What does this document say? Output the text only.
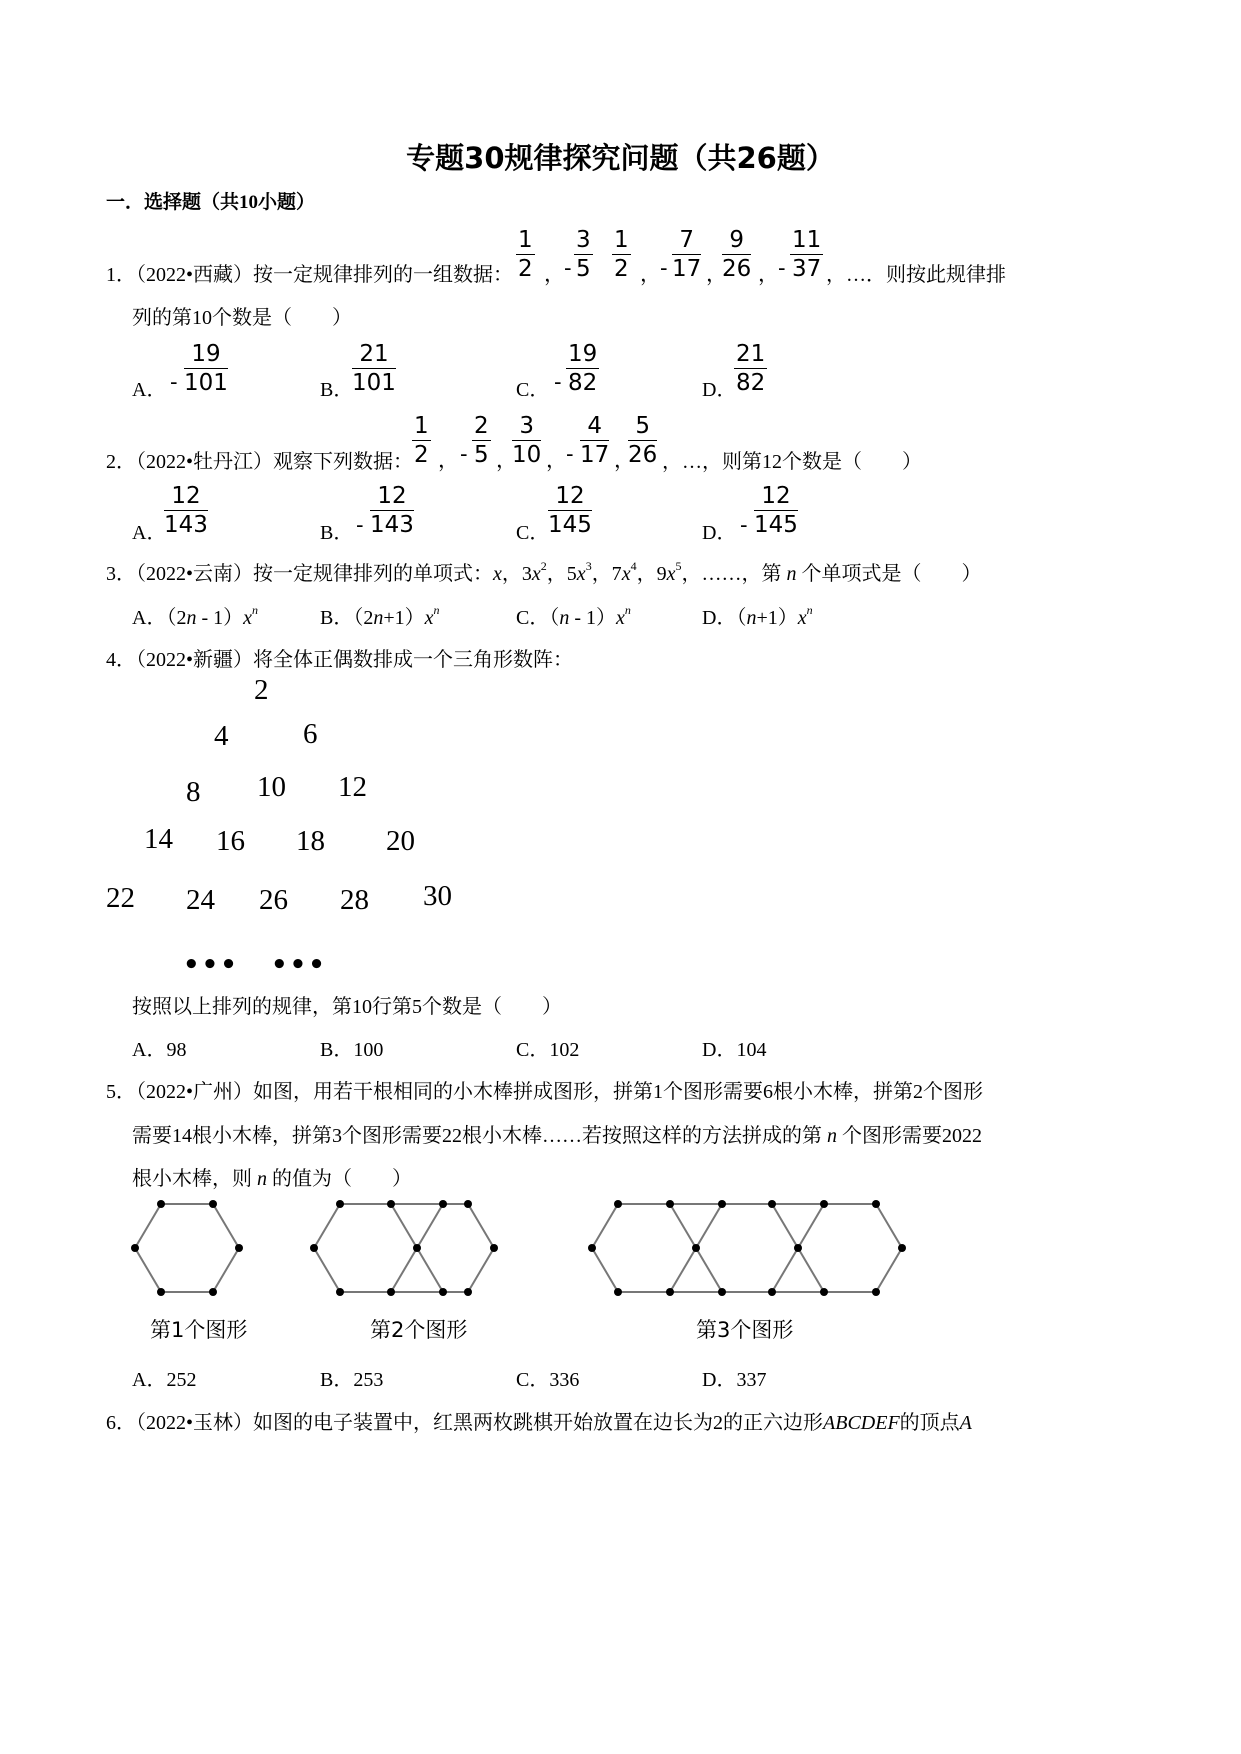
专题30规律探究问题（共26题）
一．选择题（共10小题）
1．（2022•西藏）按一定规律排列的一组数据： $\frac{1}{2}$ ， - $\frac{3}{5} \frac{1}{2}$ ， - $\frac{7}{17}$ ，
$\frac{9}{26}$ ， - $\frac{11}{37}$ ，…．则按此规律排
列的第10个数是（　　）
A． - $\frac{19}{101}$	B．
$\frac{21}{101}$	C． - $\frac{19}{82}$	D．
$\frac{21}{82}$
2．（2022•牡丹江）观察下列数据：
$\frac{1}{2}$ ， - $\frac{2}{5}$ ，
$\frac{3}{10}$ ， - $\frac{4}{17}$ ，
$\frac{5}{26}$ ，…，则第12个数是（　　）
A．
$\frac{12}{143}$	B． - $\frac{12}{143}$	C．
$\frac{12}{145}$	D． - $\frac{12}{145}$
3．（2022•云南）按一定规律排列的单项式：x，$3x^2$，$5x^3$，$7x^4$，$9x^5$，……，第 n 个单项式是（　　）
A．$(2n - 1)x^n$	B．$(2n+1)x^n$	C．$(n - 1)x^n$	D．$(n+1)x^n$
4．（2022•新疆）将全体正偶数排成一个三角形数阵：
2
4	6
8 10 12
14 16 18 20
22 24 26 28 30
••• •••
按照以上排列的规律，第10行第5个数是（　　）
A．98	B．100	C．102	D．104
5．（2022•广州）如图，用若干根相同的小木棒拼成图形，拼第1个图形需要6根小木棒，拼第2个图形
需要14根小木棒，拼第3个图形需要22根小木棒……若按照这样的方法拼成的第 n 个图形需要2022
根小木棒，则 n 的值为（　　）
第1个图形	第2个图形	第3个图形
A．252	B．253	C．336	D．337
6．（2022•玉林）如图的电子装置中，红黑两枚跳棋开始放置在边长为2的正六边形ABCDEF的顶点A
